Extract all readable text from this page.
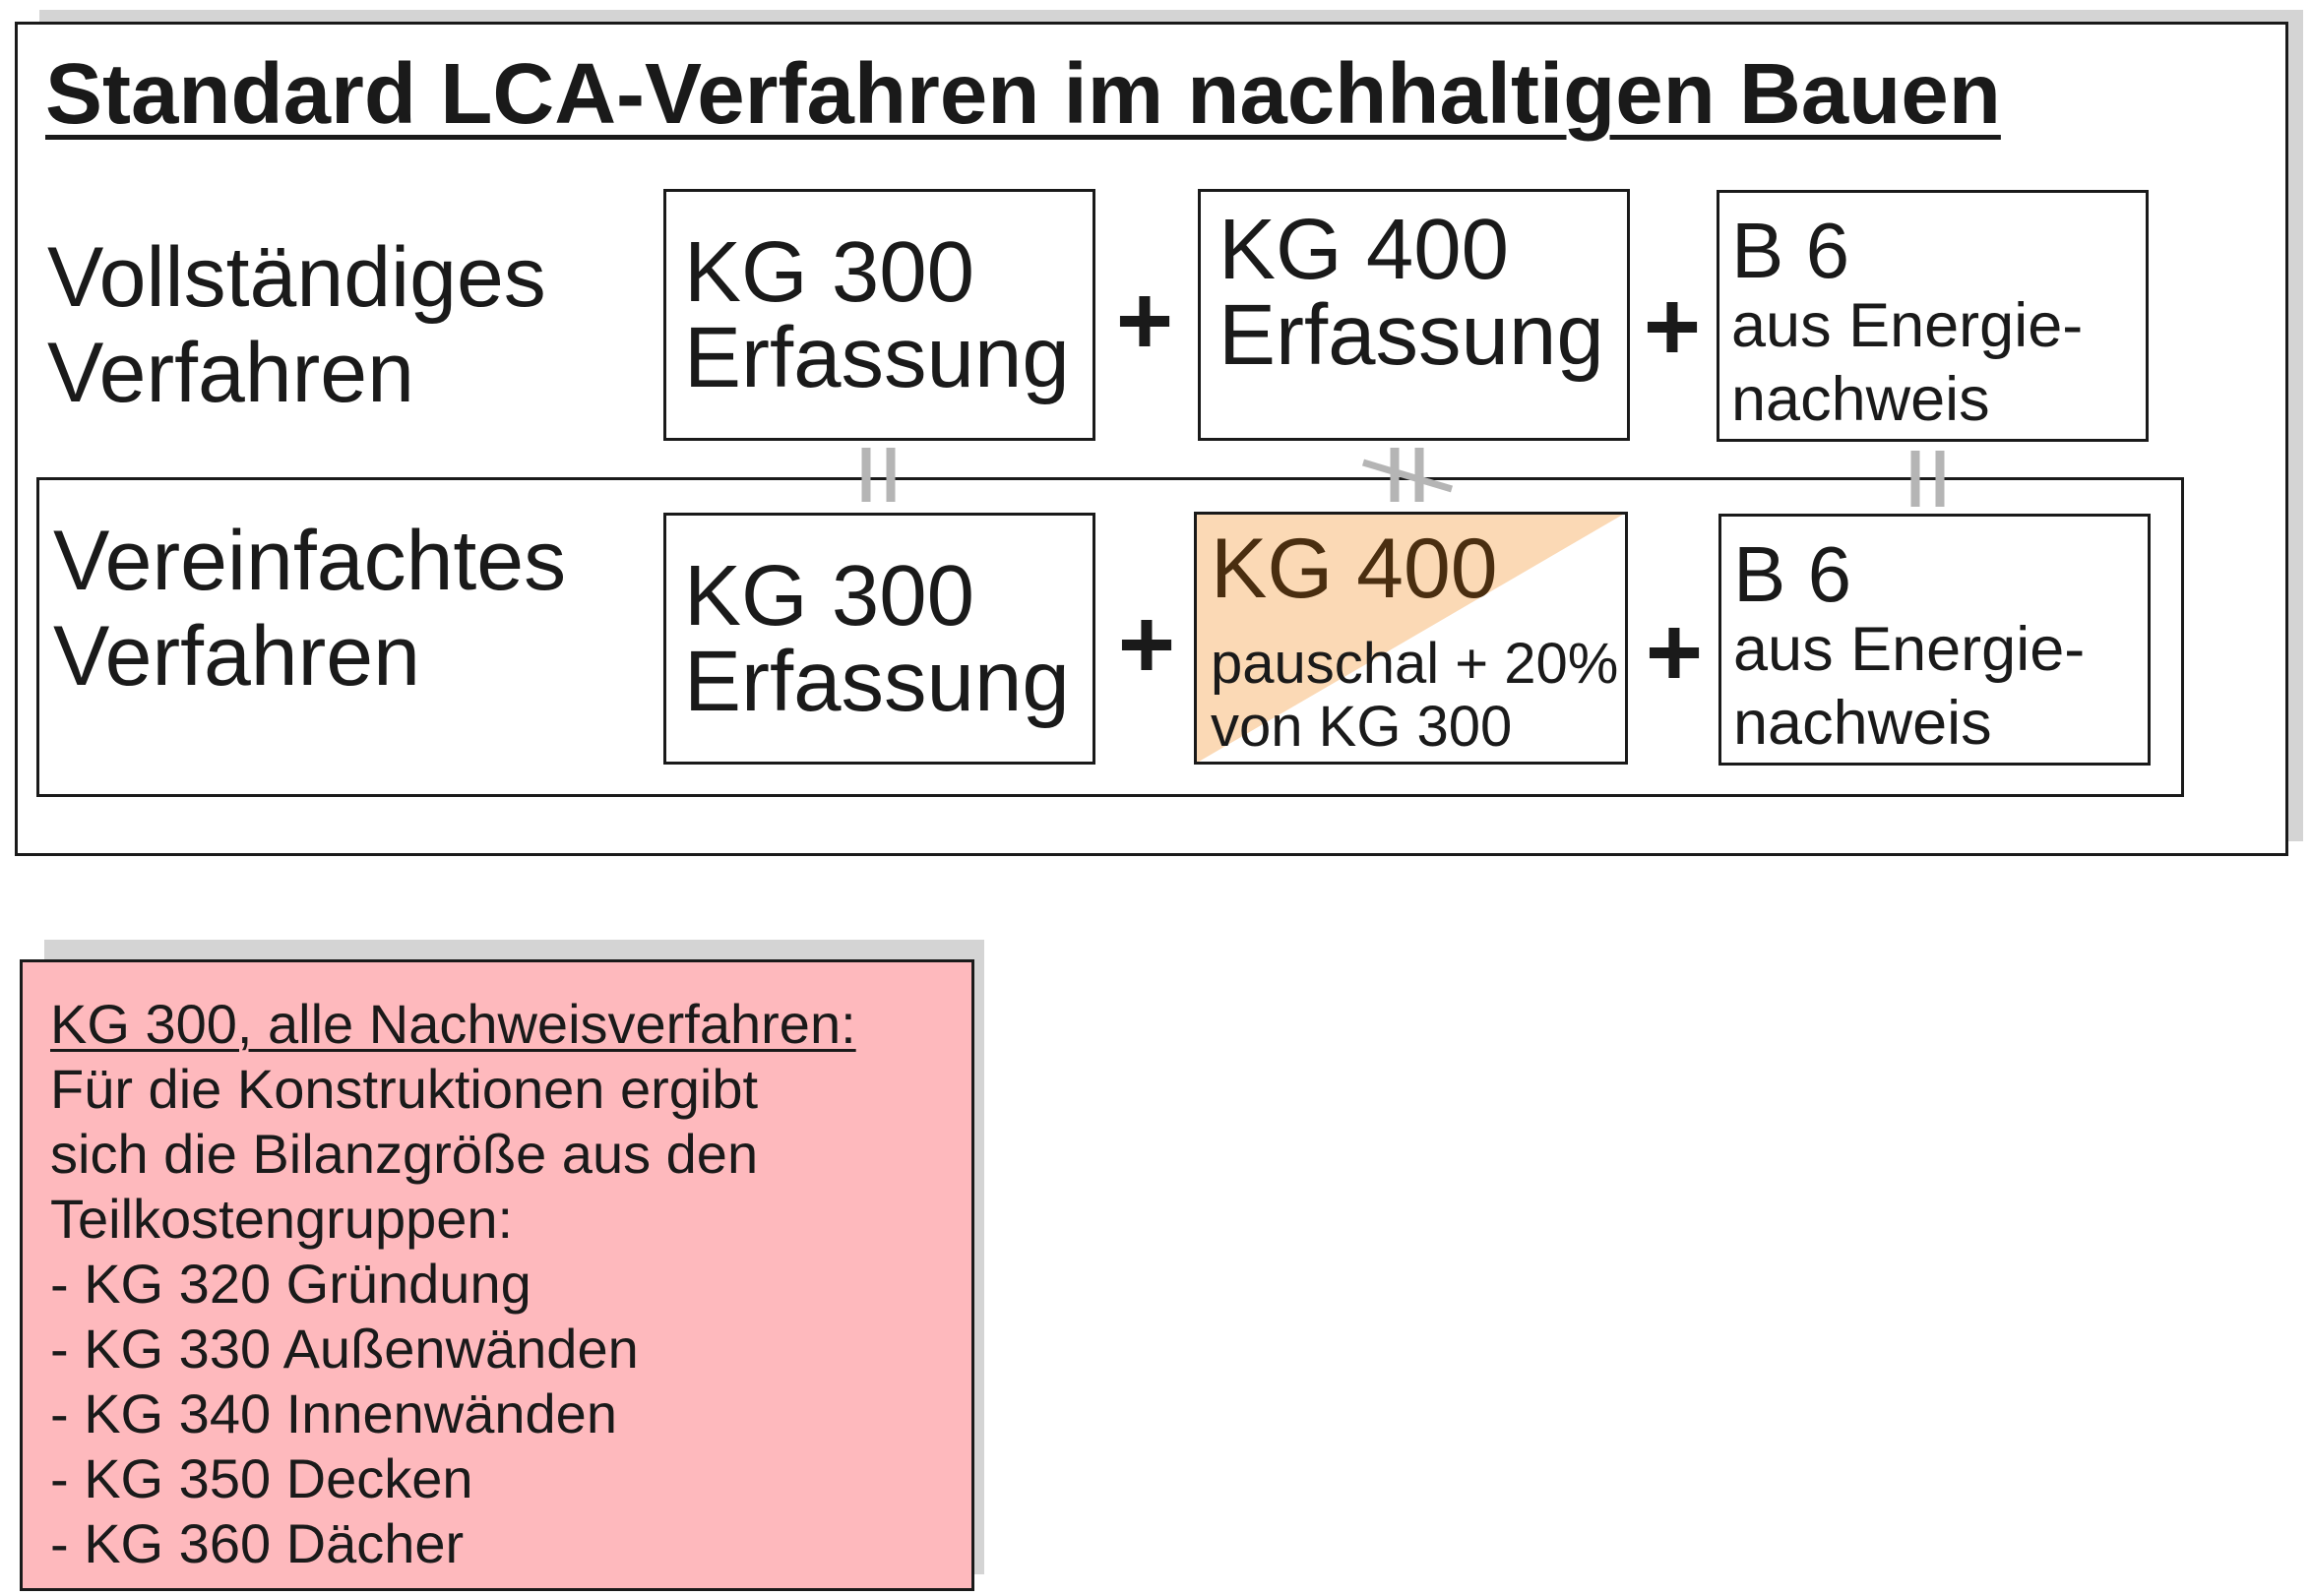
Standard LCA-Verfahren im nachhaltigen Bauen
Vollständiges
Verfahren
KG 300
Erfassung +
KG 400
Erfassung +
B 6
aus Energie-
nachweis
Vereinfachtes
Verfahren
KG 300
Erfassung +
KG 400
pauschal + 20%
von KG 300
+
B 6
aus Energie-
nachweis
KG 300, alle Nachweisverfahren:
Für die Konstruktionen ergibt
sich die Bilanzgröße aus den
Teilkostengruppen:
- KG 320 Gründung
- KG 330 Außenwänden
- KG 340 Innenwänden
- KG 350 Decken
- KG 360 Dächer
